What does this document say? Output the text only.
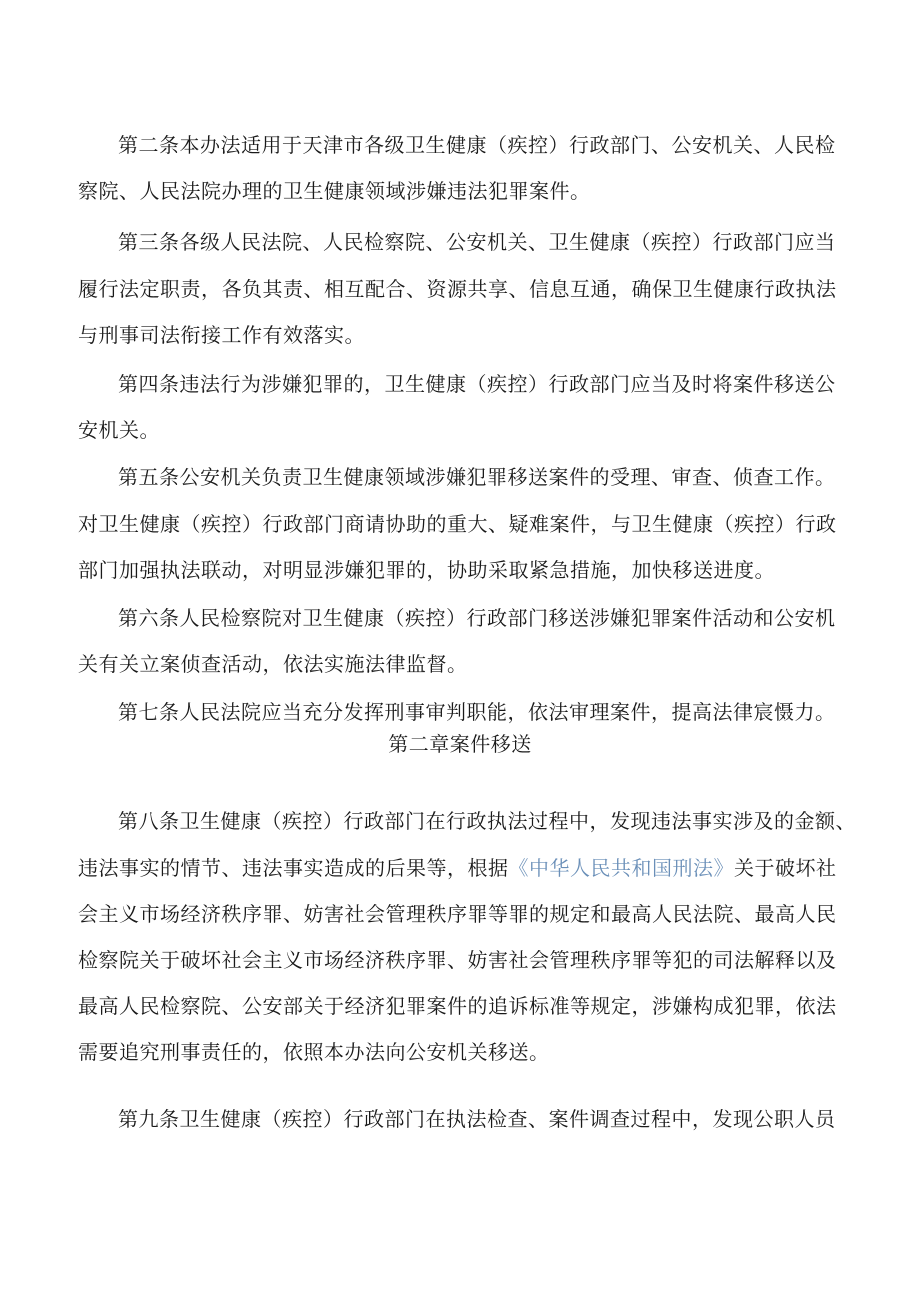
第二条本办法适用于天津市各级卫生健康（疾控）行政部门、公安机关、人民检
察院、人民法院办理的卫生健康领域涉嫌违法犯罪案件。
第三条各级人民法院、人民检察院、公安机关、卫生健康（疾控）行政部门应当
履行法定职责，各负其责、相互配合、资源共享、信息互通，确保卫生健康行政执法
与刑事司法衔接工作有效落实。
第四条违法行为涉嫌犯罪的，卫生健康（疾控）行政部门应当及时将案件移送公
安机关。
第五条公安机关负责卫生健康领域涉嫌犯罪移送案件的受理、审查、侦查工作。
对卫生健康（疾控）行政部门商请协助的重大、疑难案件，与卫生健康（疾控）行政
部门加强执法联动，对明显涉嫌犯罪的，协助采取紧急措施，加快移送进度。
第六条人民检察院对卫生健康（疾控）行政部门移送涉嫌犯罪案件活动和公安机
关有关立案侦查活动，依法实施法律监督。
第七条人民法院应当充分发挥刑事审判职能，依法审理案件，提高法律宸慑力。
第二章案件移送
第八条卫生健康（疾控）行政部门在行政执法过程中，发现违法事实涉及的金额、
违法事实的情节、违法事实造成的后果等，根据《中华人民共和国刑法》关于破坏社
会主义市场经济秩序罪、妨害社会管理秩序罪等罪的规定和最高人民法院、最高人民
检察院关于破坏社会主义市场经济秩序罪、妨害社会管理秩序罪等犯的司法解释以及
最高人民检察院、公安部关于经济犯罪案件的追诉标准等规定，涉嫌构成犯罪，依法
需要追究刑事责任的，依照本办法向公安机关移送。
第九条卫生健康（疾控）行政部门在执法检查、案件调查过程中，发现公职人员
